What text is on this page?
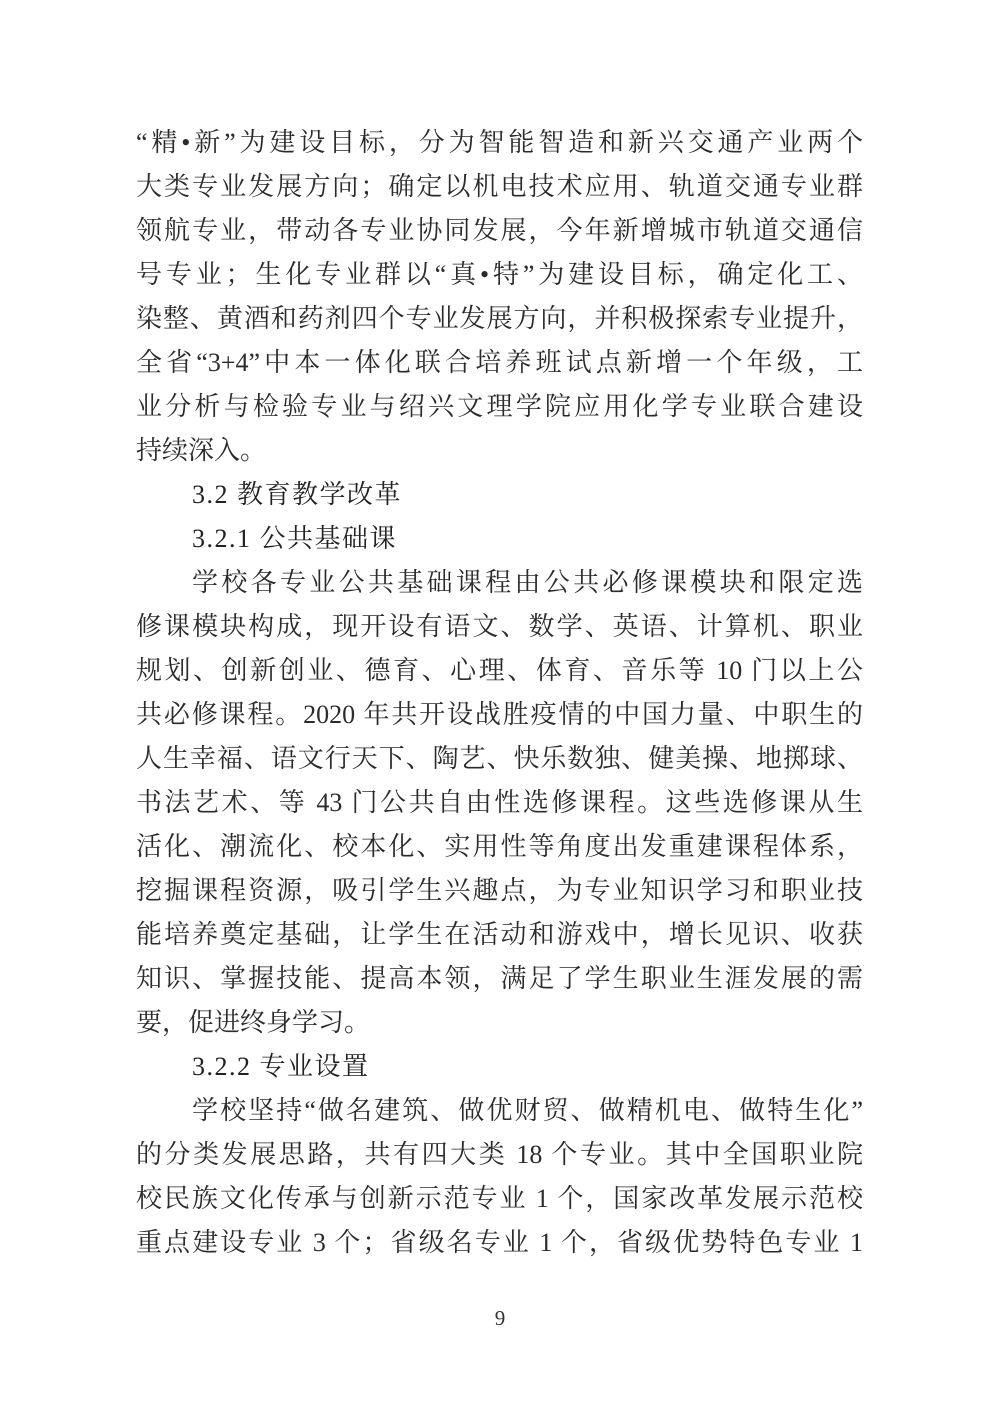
“精•新”为建设目标，分为智能智造和新兴交通产业两个
大类专业发展方向；确定以机电技术应用、轨道交通专业群
领航专业，带动各专业协同发展，今年新增城市轨道交通信
号专业；生化专业群以“真•特”为建设目标，确定化工、
染整、黄酒和药剂四个专业发展方向，并积极探索专业提升，
全省“3+4”中本一体化联合培养班试点新增一个年级，工
业分析与检验专业与绍兴文理学院应用化学专业联合建设
持续深入。
3.2 教育教学改革
3.2.1 公共基础课
学校各专业公共基础课程由公共必修课模块和限定选
修课模块构成，现开设有语文、数学、英语、计算机、职业
规划、创新创业、德育、心理、体育、音乐等 10 门以上公
共必修课程。2020 年共开设战胜疫情的中国力量、中职生的
人生幸福、语文行天下、陶艺、快乐数独、健美操、地掷球、
书法艺术、等 43 门公共自由性选修课程。这些选修课从生
活化、潮流化、校本化、实用性等角度出发重建课程体系，
挖掘课程资源，吸引学生兴趣点，为专业知识学习和职业技
能培养奠定基础，让学生在活动和游戏中，增长见识、收获
知识、掌握技能、提高本领，满足了学生职业生涯发展的需
要，促进终身学习。
3.2.2 专业设置
学校坚持“做名建筑、做优财贸、做精机电、做特生化”
的分类发展思路，共有四大类 18 个专业。其中全国职业院
校民族文化传承与创新示范专业 1 个，国家改革发展示范校
重点建设专业 3 个；省级名专业 1 个，省级优势特色专业 1
9
